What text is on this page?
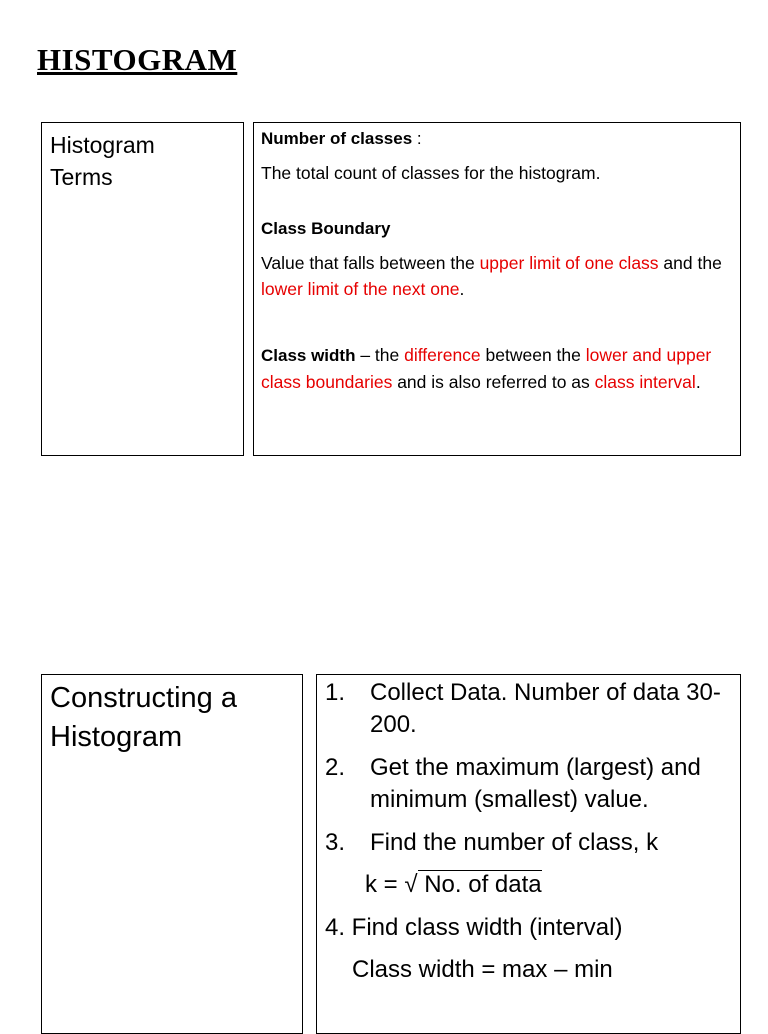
HISTOGRAM
Histogram
Terms
Number of classes :
The total count of classes for the histogram.
Class Boundary
Value that falls between the upper limit of one class and the lower limit of the next one.
Class width – the difference between the lower and upper class boundaries and is also referred to as class interval.
Constructing a
Histogram
1.	Collect Data. Number of data 30-200.
2.	Get the maximum (largest) and minimum (smallest) value.
3.	Find the number of class, k
k = √ No. of data
4. Find class width (interval)
Class width = max – min
